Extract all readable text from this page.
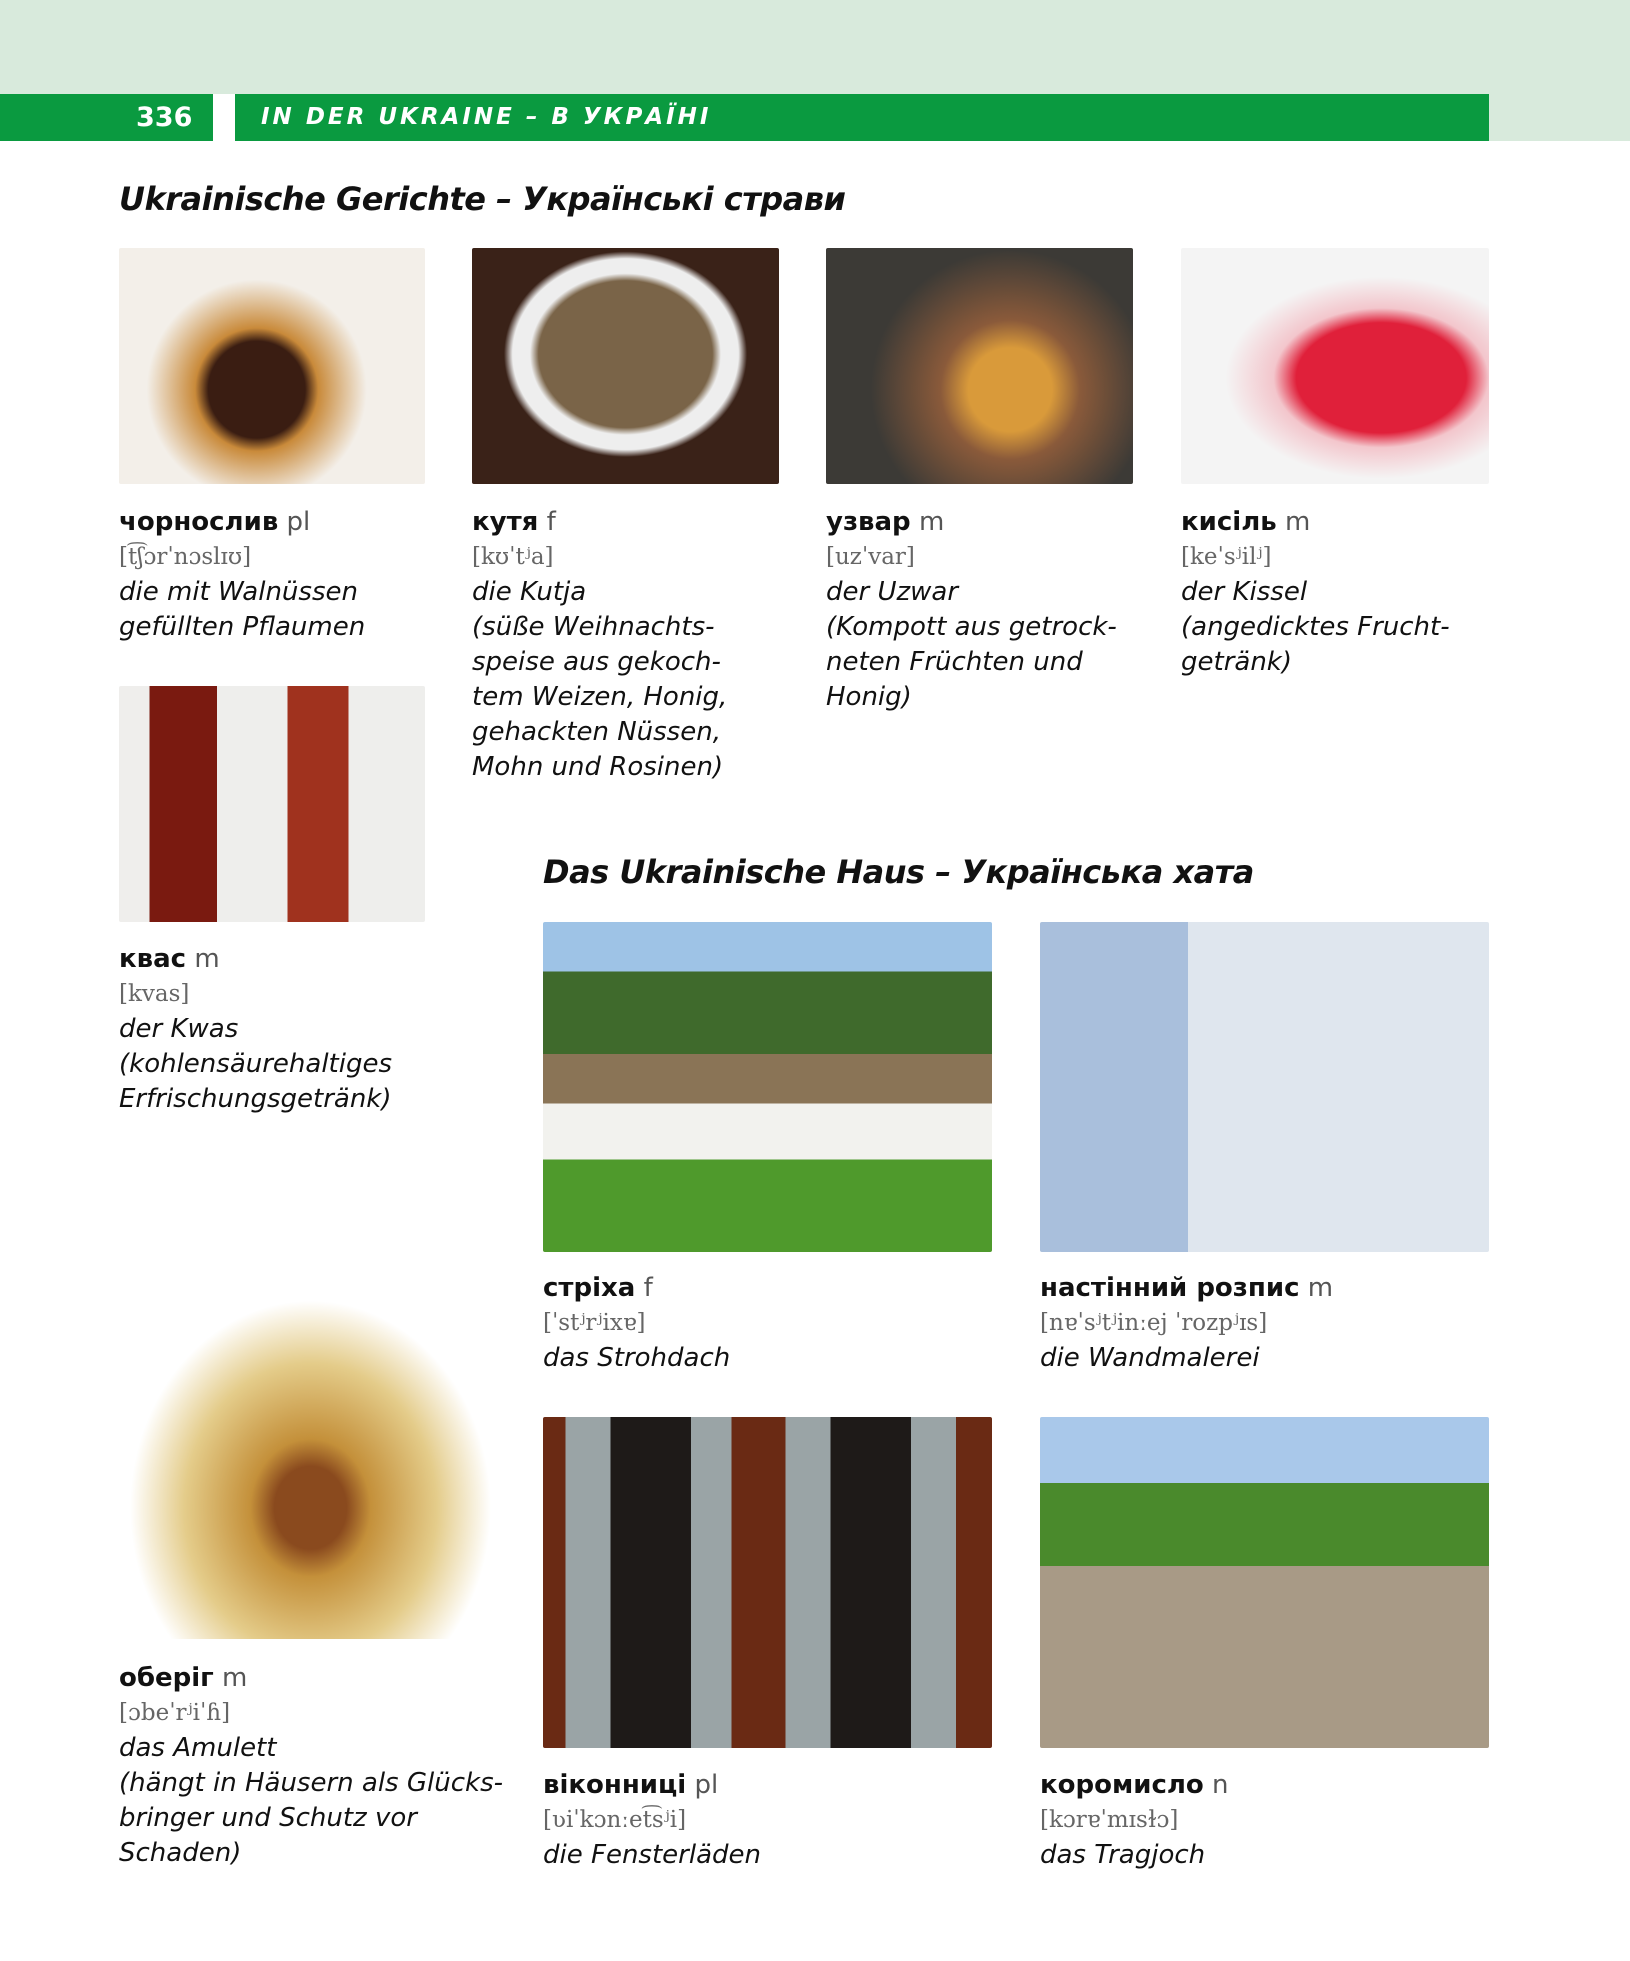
336	IN DER UKRAINE – В УКРАЇНІ
Ukrainische Gerichte – Українські страви
Das Ukrainische Haus – Українська хата
чорнослив pl
[t͡ʃɔrˈnɔslɪʊ]
die mit Walnüssen
gefüllten Pflaumen
кутя f
[kʊˈtʲa]
die Kutja
(süße Weihnachts-
speise aus gekoch-
tem Weizen, Honig,
gehackten Nüssen,
Mohn und Rosinen)
узвар m
[uzˈvar]
der Uzwar
(Kompott aus getrock-
neten Früchten und
Honig)
кисіль m
[keˈsʲilʲ]
der Kissel
(angedicktes Frucht-
getränk)
квас m
[kvas]
der Kwas
(kohlensäurehaltiges
Erfrischungsgetränk)
стріха f
[ˈstʲrʲixɐ]
das Strohdach
настінний розпис m
[nɐˈsʲtʲinːej ˈrozpʲɪs]
die Wandmalerei
оберіг m
[ɔbeˈrʲiˈɦ]
das Amulett
(hängt in Häusern als Glücks-
bringer und Schutz vor
Schaden)
віконниці pl
[ʋiˈkɔnːet͡sʲi]
die Fensterläden
коромисло n
[kɔrɐˈmɪsɫɔ]
das Tragjoch
